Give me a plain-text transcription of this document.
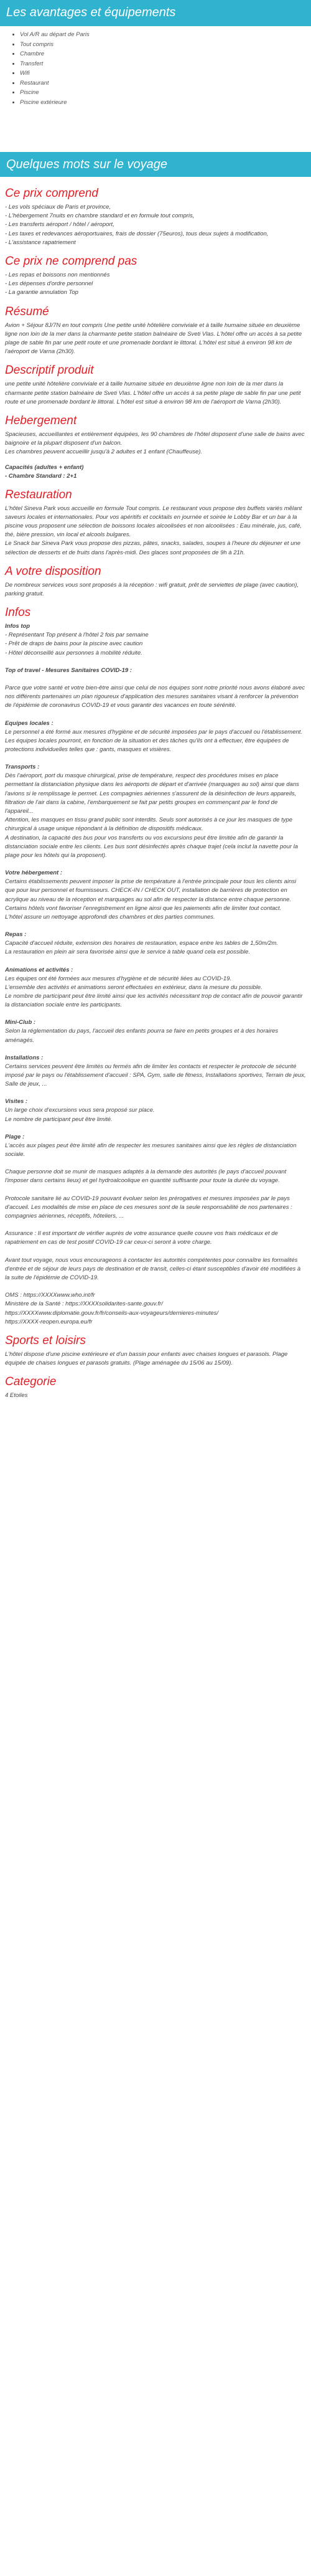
Les avantages et équipements
• Vol A/R au départ de Paris
• Tout compris
• Chambre
• Transfert
• Wifi
• Restaurant
• Piscine
• Piscine extérieure
Quelques mots sur le voyage
Ce prix comprend

- Les vols spéciaux de Paris et province,

- L'hébergement 7nuits en chambre standard et en formule tout compris,

- Les transferts aéroport / hôtel / aéroport,

- Les taxes et redevances aéroportuaires, frais de dossier (75euros), tous deux sujets à modification,

- L'assistance rapatriement

Ce prix ne comprend pas

- Les repas et boissons non mentionnés

- Les dépenses d'ordre personnel

- La garantie annulation Top

Résumé

Avion + Séjour 8J/7N en tout compris Une petite unité hôtelière conviviale et à taille humaine située en deuxième ligne non loin de la mer dans la charmante petite station balnéaire de Sveti Vlas. L'hôtel offre un accès à sa petite plage de sable fin par une petit route et une promenade bordant le littoral. L'hôtel est situé à environ 98 km de l'aéroport de Varna (2h30).

Descriptif produit

une petite unité hôtelière conviviale et à taille humaine située en deuxième ligne non loin de la mer dans la charmante petite station balnéaire de Sveti Vlas. L'hôtel offre un accès à sa petite plage de sable fin par une petit route et une promenade bordant le littoral. L'hôtel est situé à environ 98 km de l'aéroport de Varna (2h30).

Hebergement

Spacieuses, accueillantes et entièrement équipées, les 90 chambres de l'hôtel disposent d'une salle de bains avec baignoire et la plupart disposent d'un balcon.

Les chambres peuvent accueillir jusqu'à 2 adultes et 1 enfant (Chauffeuse).

Capacités (adultes + enfant)
- Chambre Standard : 2+1
Restauration

L'hôtel Sineva Park vous accueille en formule Tout compris. Le restaurant vous propose des buffets variés mêlant saveurs locales et internationales. Pour vos apéritifs et cocktails en journée et soirée le Lobby Bar et un bar à la piscine vous proposent une sélection de boissons locales alcoolisées et non alcoolisées : Eau minérale, jus, café, thé, bière pression, vin local et alcools bulgares.

Le Snack bar Sineva Park vous propose des pizzas, pâtes, snacks, salades, soupes à l'heure du déjeuner et une sélection de desserts et de fruits dans l'après-midi. Des glaces sont proposées de 9h à 21h.

A votre disposition

De nombreux services vous sont proposés à la réception : wifi gratuit, prêt de serviettes de plage (avec caution), parking gratuit.

Infos
Infos top

- Représentant Top présent à l'hôtel 2 fois par semaine

- Prêt de draps de bains pour la piscine avec caution

- Hôtel déconseillé aux personnes à mobilité réduite.

Top of travel - Mesures Sanitaires COVID-19 :

Parce que votre santé et votre bien-être ainsi que celui de nos équipes sont notre priorité nous avons élaboré avec nos différents partenaires un plan rigoureux d'application des mesures sanitaires visant à renforcer la prévention de l'épidémie de coronavirus COVID-19 et vous garantir des vacances en toute sérénité.

Equipes locales :

Le personnel a été formé aux mesures d'hygiène et de sécurité imposées par le pays d'accueil ou l'établissement.

Les équipes locales pourront, en fonction de la situation et des tâches qu'ils ont à effectuer, être équipées de protections individuelles telles que : gants, masques et visières.

Transports :

Dès l'aéroport, port du masque chirurgical, prise de température, respect des procédures mises en place permettant la distanciation physique dans les aéroports de départ et d'arrivée (marquages au sol) ainsi que dans l'avions si le remplissage le permet. Les compagnies aériennes s'assurent de la désinfection de leurs appareils, filtration de l'air dans la cabine, l'embarquement se fait par petits groupes en commençant par le fond de l'appareil...

Attention, les masques en tissu grand public sont interdits. Seuls sont autorisés à ce jour les masques de type chirurgical à usage unique répondant à la définition de dispositifs médicaux.

A destination, la capacité des bus pour vos transferts ou vos excursions peut être limitée afin de garantir la distanciation sociale entre les clients. Les bus sont désinfectés après chaque trajet (cela inclut la navette pour la plage pour les hôtels qui la proposent).

Votre hébergement :

Certains établissements peuvent imposer la prise de température à l'entrée principale pour tous les clients ainsi que pour leur personnel et fournisseurs. CHECK-IN / CHECK OUT, installation de barrières de protection en acrylique au niveau de la réception et marquages au sol afin de respecter la distance entre chaque personne. Certains hôtels vont favoriser l'enregistrement en ligne ainsi que les paiements afin de limiter tout contact.

L'hôtel assure un nettoyage approfondi des chambres et des parties communes.

Repas :

Capacité d'accueil réduite, extension des horaires de restauration, espace entre les tables de 1,50m/2m.

La restauration en plein air sera favorisée ainsi que le service à table quand cela est possible.

Animations et activités :

Les équipes ont été formées aux mesures d'hygiène et de sécurité liées au COVID-19.

L'ensemble des activités et animations seront effectuées en extérieur, dans la mesure du possible.

Le nombre de participant peut être limité ainsi que les activités nécessitant trop de contact afin de pouvoir garantir la distanciation sociale entre les participants.

Mini-Club :

Selon la réglementation du pays, l'accueil des enfants pourra se faire en petits groupes et à des horaires aménagés.

Installations :

Certains services peuvent être limités ou fermés afin de limiter les contacts et respecter le protocole de sécurité imposé par le pays ou l'établissement d'accueil : SPA, Gym, salle de fitness, Installations sportives, Terrain de jeux, Salle de jeux, ...

Visites :

Un large choix d'excursions vous sera proposé sur place.

Le nombre de participant peut être limité.

Plage :

L'accès aux plages peut être limité afin de respecter les mesures sanitaires ainsi que les règles de distanciation sociale.

Chaque personne doit se munir de masques adaptés à la demande des autorités (le pays d'accueil pouvant l'imposer dans certains lieux) et gel hydroalcoolique en quantité suffisante pour toute la durée du voyage.

Protocole sanitaire lié au COVID-19 pouvant évoluer selon les prérogatives et mesures imposées par le pays d'accueil. Les modalités de mise en place de ces mesures sont de la seule responsabilité de nos partenaires : compagnies aériennes, réceptifs, hôteliers, ...

Assurance : Il est important de vérifier auprès de votre assurance quelle couvre vos frais médicaux et de rapatriement en cas de test positif COVID-19 car ceux-ci seront à votre charge.

Avant tout voyage, nous vous encourageons à contacter les autorités compétentes pour connaître les formalités d'entrée et de séjour de leurs pays de destination et de transit, celles-ci étant susceptibles d'avoir été modifiées à la suite de l'épidémie de COVID-19.

OMS : https://XXXXwww.who.int/fr

Ministère de la Santé : https://XXXXsolidarites-sante.gouv.fr/

https://XXXXwww.diplomatie.gouv.fr/fr/conseils-aux-voyageurs/dernieres-minutes/

https://XXXX-reopen.europa.eu/fr

Sports et loisirs

L'hôtel dispose d'une piscine extérieure et d'un bassin pour enfants avec chaises longues et parasols. Plage équipée de chaises longues et parasols gratuits. (Plage aménagée du 15/06 au 15/09).

Categorie

4 Etoiles
